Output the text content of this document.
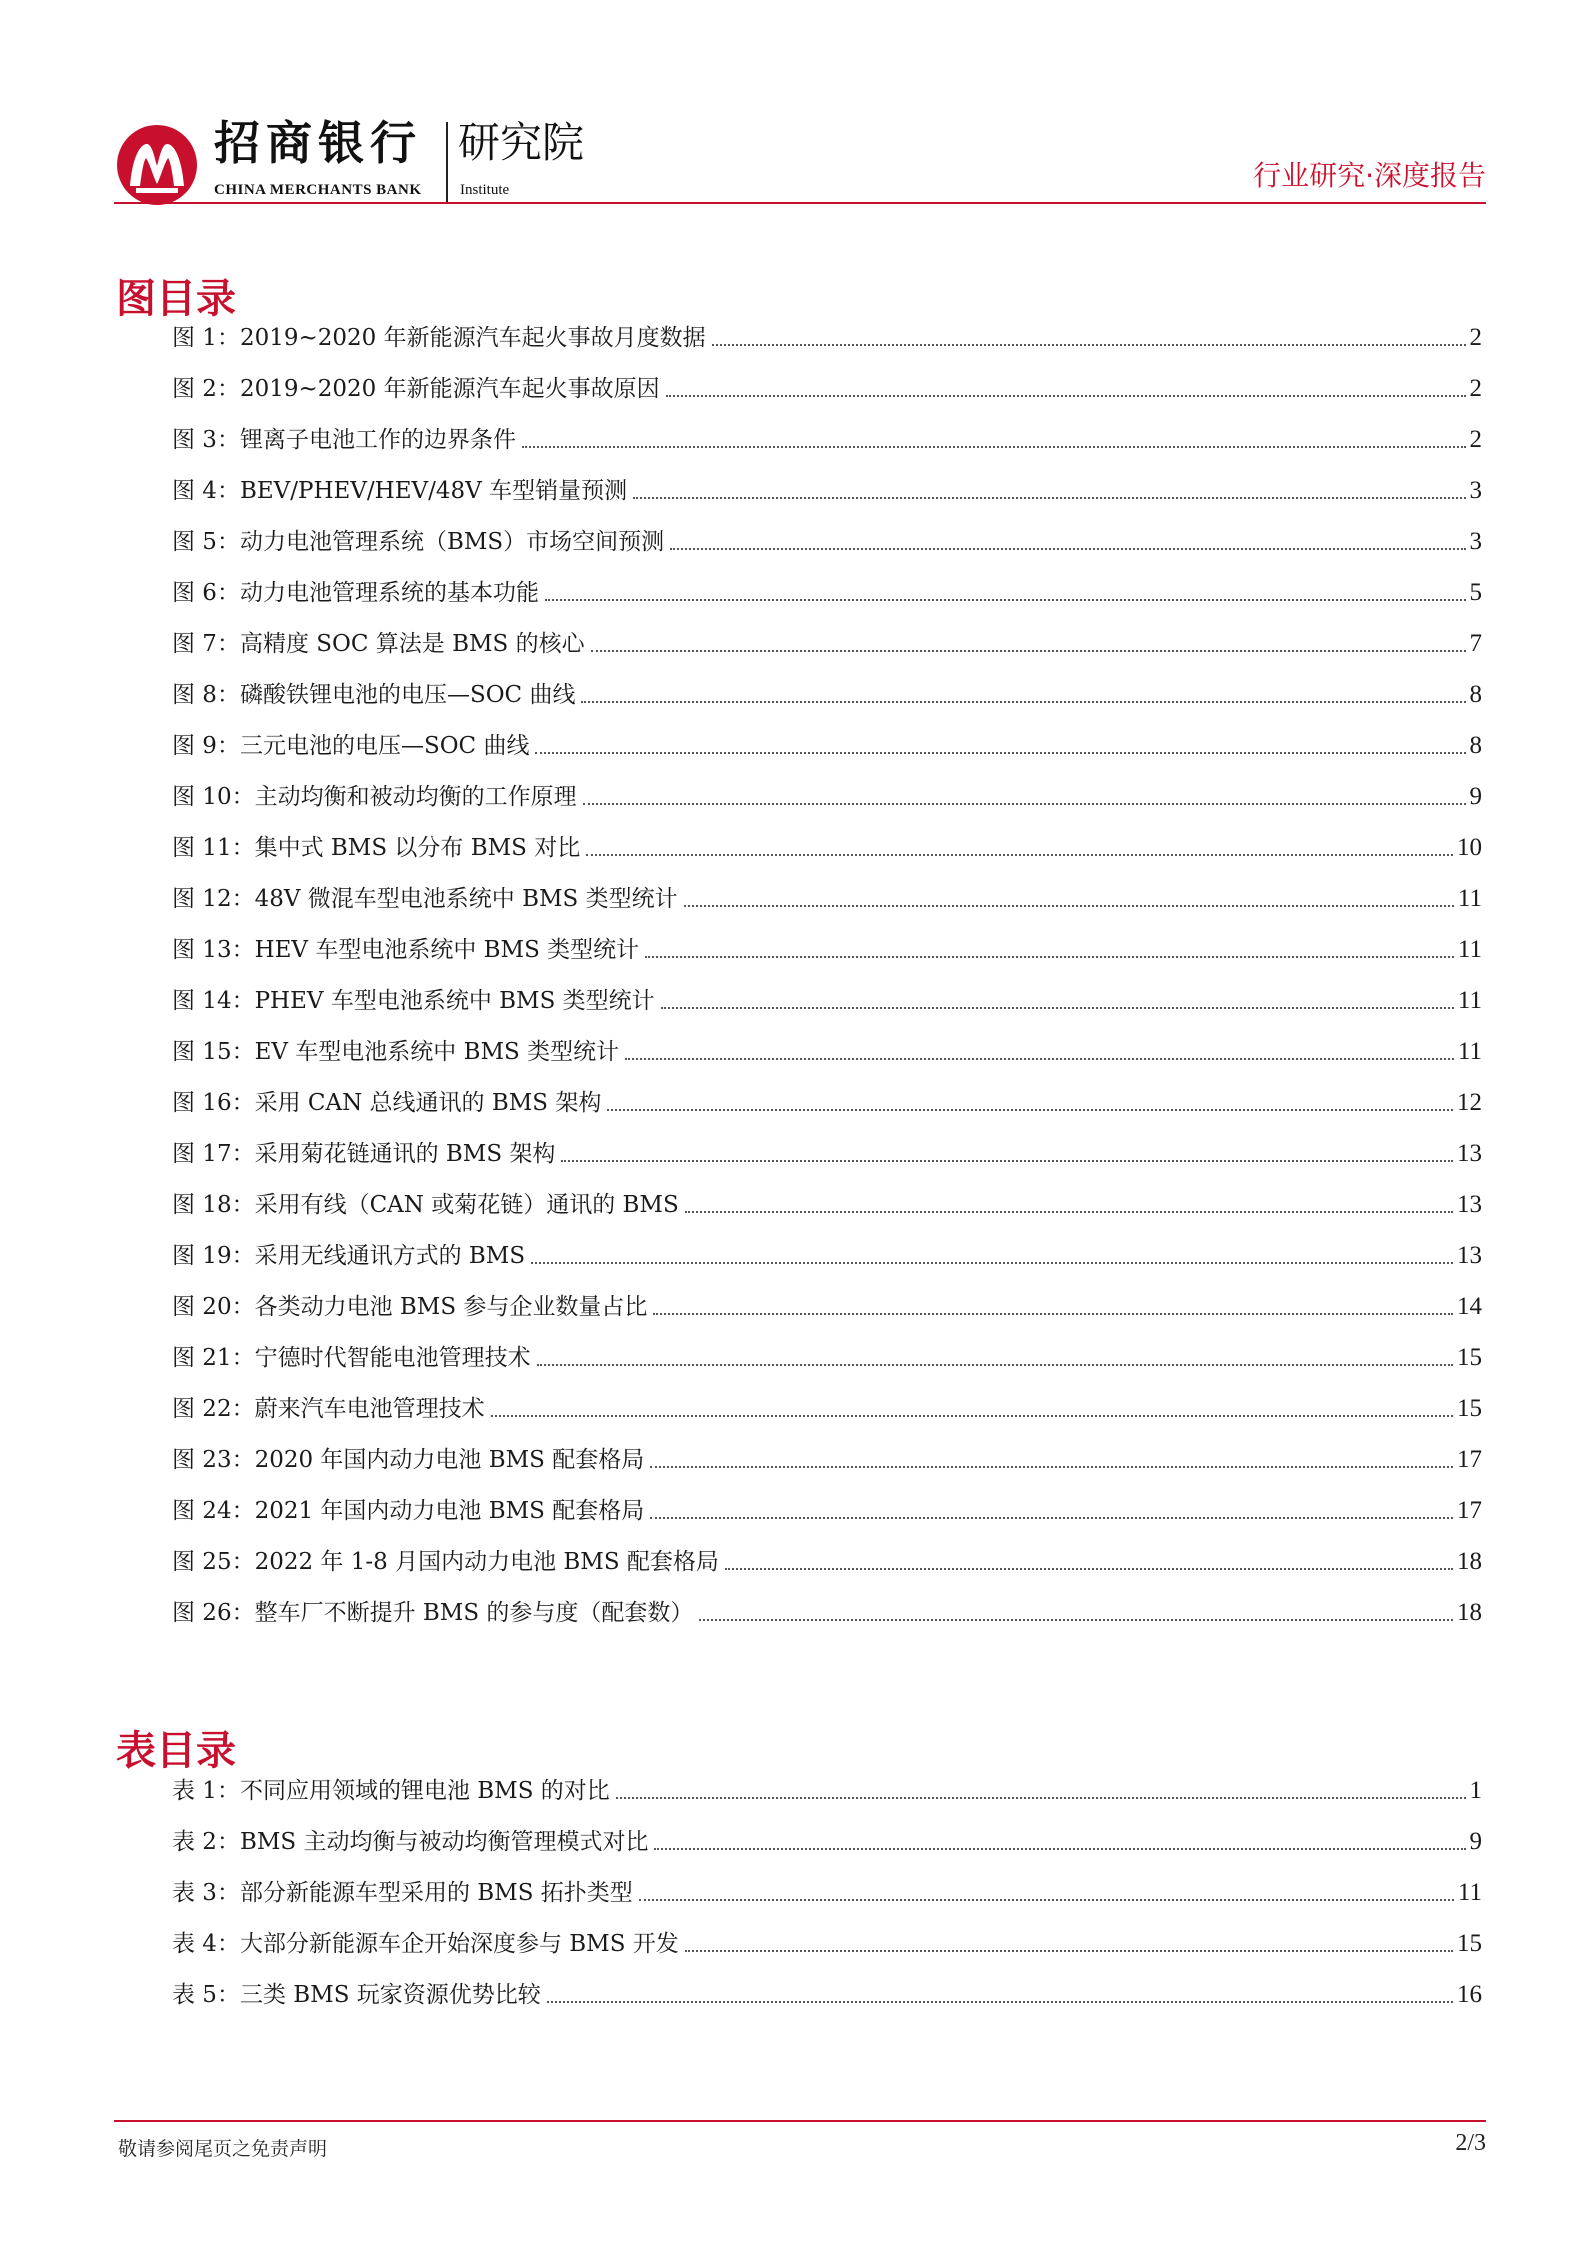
招商银行
CHINA MERCHANTS BANK
研究院
Institute	行业研究·深度报告
图目录
图 1：2019~2020 年新能源汽车起火事故月度数据	2
图 2：2019~2020 年新能源汽车起火事故原因	2
图 3：锂离子电池工作的边界条件	2
图 4：BEV/PHEV/HEV/48V 车型销量预测	3
图 5：动力电池管理系统（BMS）市场空间预测	3
图 6：动力电池管理系统的基本功能	5
图 7：高精度 SOC 算法是 BMS 的核心	7
图 8：磷酸铁锂电池的电压—SOC 曲线	8
图 9：三元电池的电压—SOC 曲线	8
图 10：主动均衡和被动均衡的工作原理	9
图 11：集中式 BMS 以分布 BMS 对比	10
图 12：48V 微混车型电池系统中 BMS 类型统计	11
图 13：HEV 车型电池系统中 BMS 类型统计	11
图 14：PHEV 车型电池系统中 BMS 类型统计	11
图 15：EV 车型电池系统中 BMS 类型统计	11
图 16：采用 CAN 总线通讯的 BMS 架构	12
图 17：采用菊花链通讯的 BMS 架构	13
图 18：采用有线（CAN 或菊花链）通讯的 BMS	13
图 19：采用无线通讯方式的 BMS	13
图 20：各类动力电池 BMS 参与企业数量占比	14
图 21：宁德时代智能电池管理技术	15
图 22：蔚来汽车电池管理技术	15
图 23：2020 年国内动力电池 BMS 配套格局	17
图 24：2021 年国内动力电池 BMS 配套格局	17
图 25：2022 年 1-8 月国内动力电池 BMS 配套格局	18
图 26：整车厂不断提升 BMS 的参与度（配套数）	18
表目录
表 1：不同应用领域的锂电池 BMS 的对比	1
表 2：BMS 主动均衡与被动均衡管理模式对比	9
表 3：部分新能源车型采用的 BMS 拓扑类型	11
表 4：大部分新能源车企开始深度参与 BMS 开发	15
表 5：三类 BMS 玩家资源优势比较	16
敬请参阅尾页之免责声明	2/3
